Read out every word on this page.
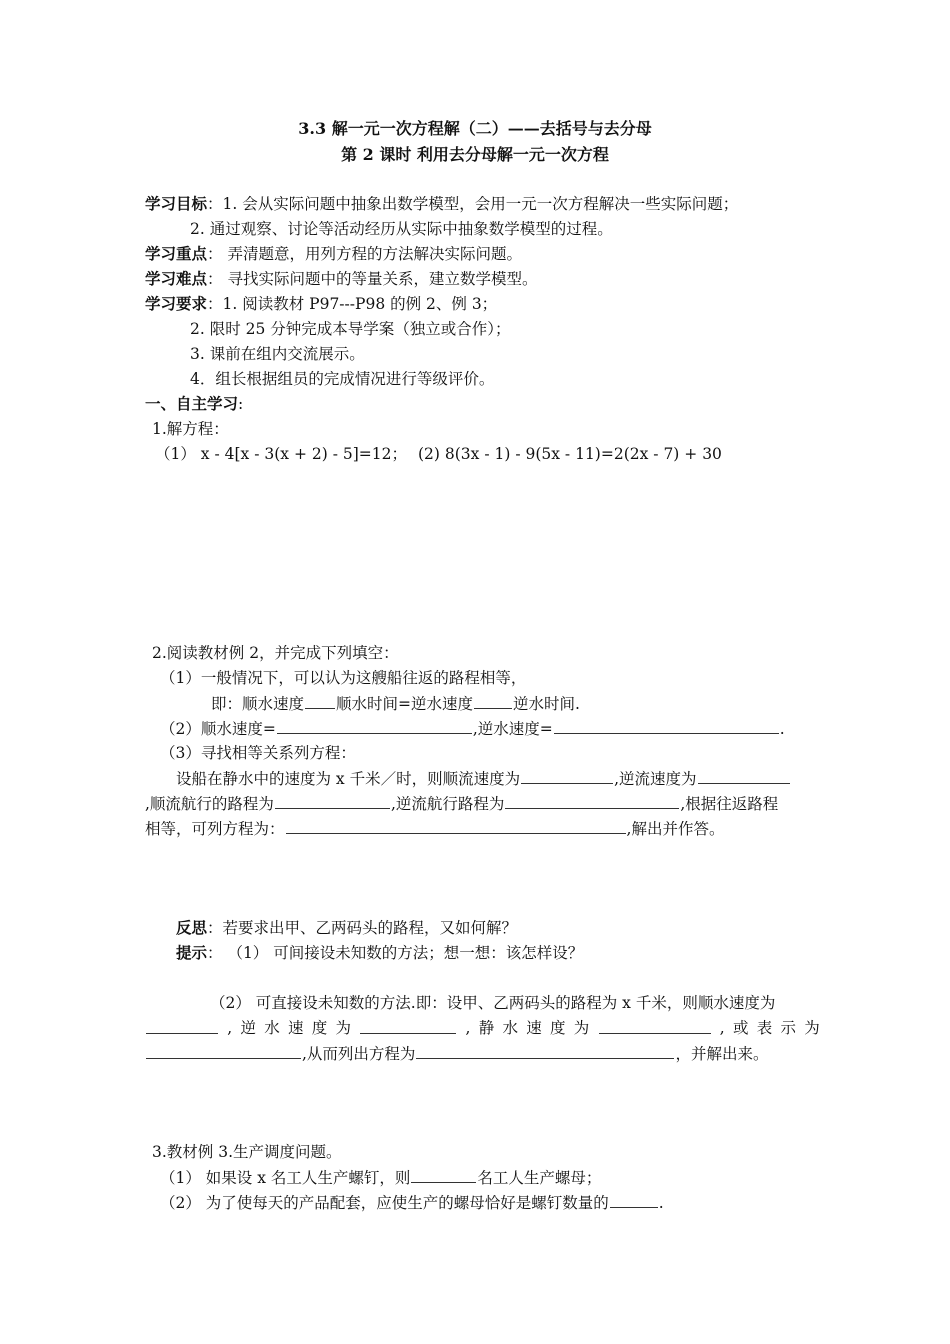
3.3 解一元一次方程解（二）——去括号与去分母
第 2 课时 利用去分母解一元一次方程
学习目标：1. 会从实际问题中抽象出数学模型，会用一元一次方程解决一些实际问题；
2. 通过观察、讨论等活动经历从实际中抽象数学模型的过程。
学习重点： 弄清题意，用列方程的方法解决实际问题。
学习难点： 寻找实际问题中的等量关系，建立数学模型。
学习要求：1. 阅读教材 P97---P98 的例 2、例 3；
2. 限时 25 分钟完成本导学案（独立或合作）；
3. 课前在组内交流展示。
4．组长根据组员的完成情况进行等级评价。
一、自主学习:
1.解方程：
（1） x - 4[x - 3(x + 2) - 5]=12； (2) 8(3x - 1) - 9(5x - 11)=2(2x - 7) + 30
2.阅读教材例 2，并完成下列填空：
（1）一般情况下，可以认为这艘船往返的路程相等，
即：顺水速度 顺水时间=逆水速度	逆水时间.
（2）顺水速度=	,逆水速度=	.
（3）寻找相等关系列方程：
设船在静水中的速度为 x 千米／时，则顺流速度为	,逆流速度为
,顺流航行的路程为	,逆流航行路程为	,根据往返路程
相等，可列方程为：	,解出并作答。
反思：若要求出甲、乙两码头的路程，又如何解？
提示： （1） 可间接设未知数的方法；想一想：该怎样设？
（2） 可直接设未知数的方法.即：设甲、乙两码头的路程为 x 千米，则顺水速度为
, 逆 水 速 度 为	, 静 水 速 度 为	, 或 表 示 为
,从而列出方程为	，并解出来。
3.教材例 3.生产调度问题。
（1） 如果设 x 名工人生产螺钉，则	名工人生产螺母；
（2） 为了使每天的产品配套，应使生产的螺母恰好是螺钉数量的	.
